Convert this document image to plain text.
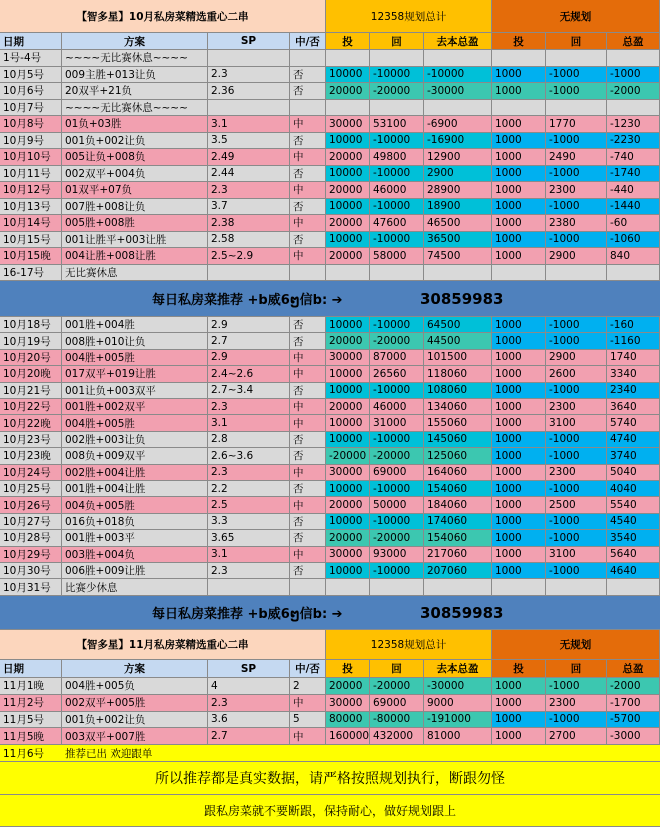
【智多星】10月私房菜精选重心二串	12358规划总计	无规划
日期	方案	SP	中/否	投	回	去本总盈	投	回	总盈
1号-4号	~~~~无比赛休息~~~~
10月5号	009主胜+013让负	2.3	否	10000	-10000	-10000	1000	-1000	-1000
10月6号	20双平+21负	2.36	否	20000	-20000	-30000	1000	-1000	-2000
10月7号	~~~~无比赛休息~~~~
10月8号	01负+03胜	3.1	中	30000	53100	-6900	1000	1770	-1230
10月9号	001负+002让负	3.5	否	10000	-10000	-16900	1000	-1000	-2230
10月10号	005让负+008负	2.49	中	20000	49800	12900	1000	2490	-740
10月11号	002双平+004负	2.44	否	10000	-10000	2900	1000	-1000	-1740
10月12号	01双平+07负	2.3	中	20000	46000	28900	1000	2300	-440
10月13号	007胜+008让负	3.7	否	10000	-10000	18900	1000	-1000	-1440
10月14号	005胜+008胜	2.38	中	20000	47600	46500	1000	2380	-60
10月15号	001让胜平+003让胜	2.58	否	10000	-10000	36500	1000	-1000	-1060
10月15晚	004让胜+008让胜	2.5~2.9	中	20000	58000	74500	1000	2900	840
16-17号	无比赛休息
每日私房菜推荐 +b威6ໆ信b: ➔	30859983
10月18号	001胜+004胜	2.9	否	10000	-10000	64500	1000	-1000	-160
10月19号	008胜+010让负	2.7	否	20000	-20000	44500	1000	-1000	-1160
10月20号	004胜+005胜	2.9	中	30000	87000	101500	1000	2900	1740
10月20晚	017双平+019让胜	2.4~2.6	中	10000	26560	118060	1000	2600	3340
10月21号	001让负+003双平	2.7~3.4	否	10000	-10000	108060	1000	-1000	2340
10月22号	001胜+002双平	2.3	中	20000	46000	134060	1000	2300	3640
10月22晚	004胜+005胜	3.1	中	10000	31000	155060	1000	3100	5740
10月23号	002胜+003让负	2.8	否	10000	-10000	145060	1000	-1000	4740
10月23晚	008负+009双平	2.6~3.6	否	-20000 -20000	125060	1000	-1000	3740
10月24号	002胜+004让胜	2.3	中	30000	69000	164060	1000	2300	5040
10月25号	001胜+004让胜	2.2	否	10000	-10000	154060	1000	-1000	4040
10月26号	004负+005胜	2.5	中	20000	50000	184060	1000	2500	5540
10月27号	016负+018负	3.3	否	10000	-10000	174060	1000	-1000	4540
10月28号	001胜+003平	3.65	否	20000	-20000	154060	1000	-1000	3540
10月29号	003胜+004负	3.1	中	30000	93000	217060	1000	3100	5640
10月30号	006胜+009让胜	2.3	否	10000	-10000	207060	1000	-1000	4640
10月31号	比赛少休息
每日私房菜推荐 +b威6ໆ信b: ➔	30859983
【智多星】11月私房菜精选重心二串	12358规划总计	无规划
日期	方案	SP	中/否	投	回	去本总盈	投	回	总盈
11月1晚	004胜+005负	4	2	20000	-20000	-30000	1000	-1000	-2000
11月2号	002双平+005胜	2.3	中	30000	69000	9000	1000	2300	-1700
11月5号	001负+002让负	3.6	5	80000	-80000	-191000	1000	-1000	-5700
11月5晚	003双平+007胜	2.7	中	160000 432000	81000	1000	2700	-3000
11月6号	推荐已出 欢迎跟单
所以推荐都是真实数据，请严格按照规划执行，断跟勿怪
跟私房菜就不要断跟，保持耐心，做好规划跟上
